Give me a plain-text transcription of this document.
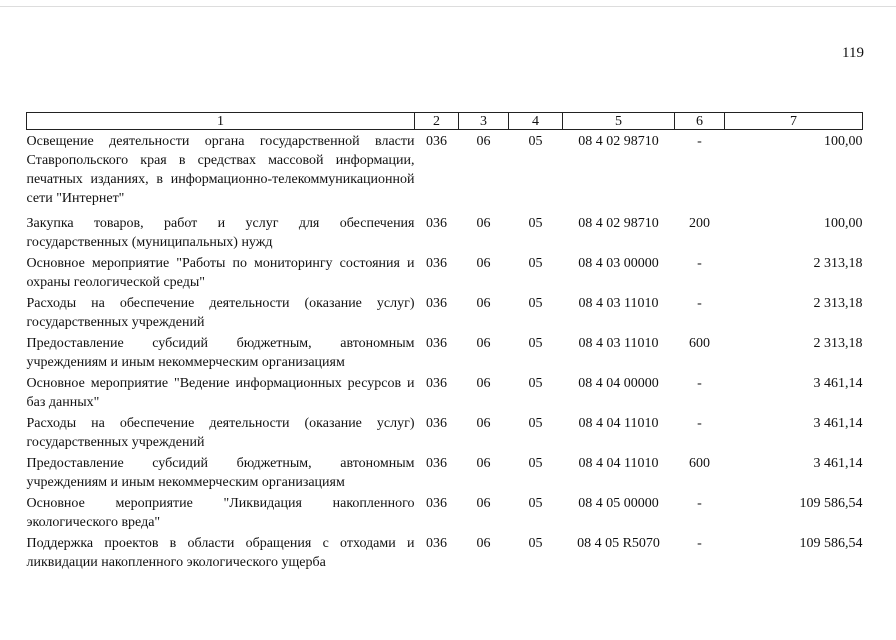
119
1	2	3	4	5	6	7
Освещение деятельности органа государственной власти Ставропольского края в средствах массовой информации, печатных изданиях, в информационно-телекоммуникационной сети "Интернет"	036	06	05	08 4 02 98710	-	100,00
Закупка товаров, работ и услуг для обеспечения государственных (муниципальных) нужд	036	06	05	08 4 02 98710	200	100,00
Основное мероприятие "Работы по мониторингу состояния и охраны геологической среды"	036	06	05	08 4 03 00000	-	2 313,18
Расходы на обеспечение деятельности (оказание услуг) государственных учреждений	036	06	05	08 4 03 11010	-	2 313,18
Предоставление субсидий бюджетным, автономным учреждениям и иным некоммерческим организациям	036	06	05	08 4 03 11010	600	2 313,18
Основное мероприятие "Ведение информационных ресурсов и баз данных"	036	06	05	08 4 04 00000	-	3 461,14
Расходы на обеспечение деятельности (оказание услуг) государственных учреждений	036	06	05	08 4 04 11010	-	3 461,14
Предоставление субсидий бюджетным, автономным учреждениям и иным некоммерческим организациям	036	06	05	08 4 04 11010	600	3 461,14
Основное мероприятие "Ликвидация накопленного экологического вреда"	036	06	05	08 4 05 00000	-	109 586,54
Поддержка проектов в области обращения с отходами и ликвидации накопленного экологического ущерба	036	06	05	08 4 05 R5070	-	109 586,54
